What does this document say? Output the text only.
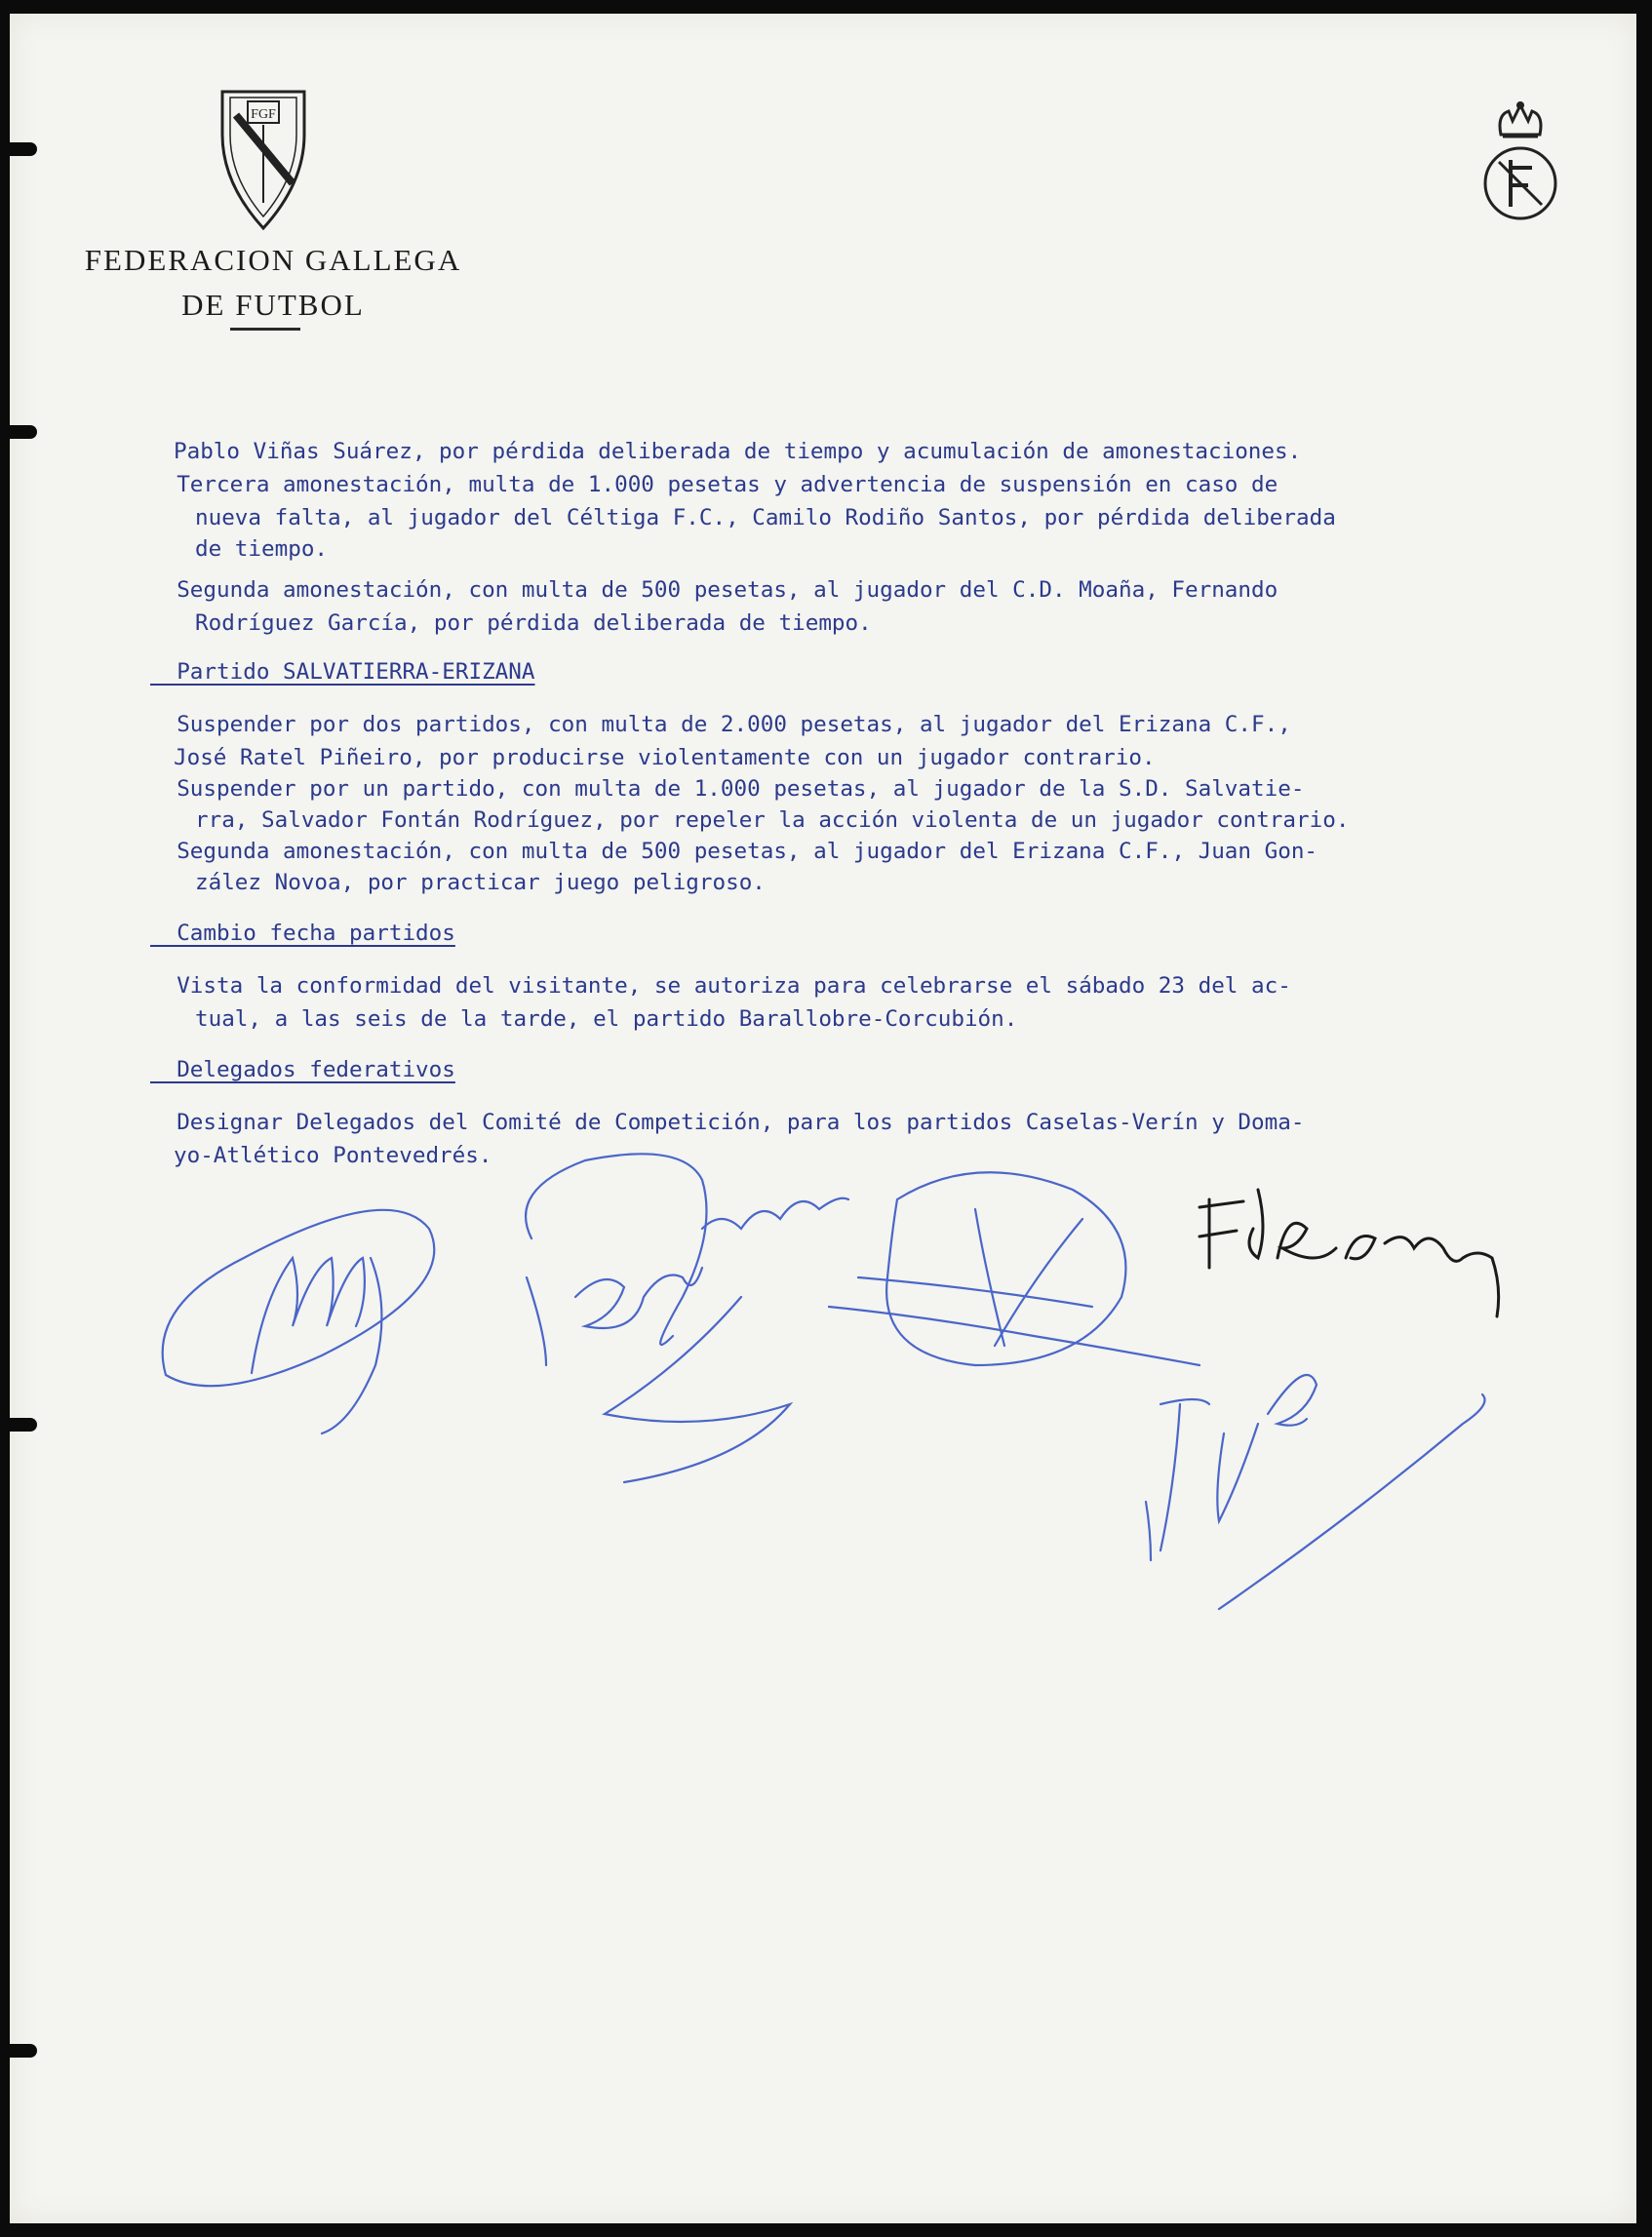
FGF
FEDERACION GALLEGA
DE FUTBOL

Pablo Viñas Suárez, por pérdida deliberada de tiempo y acumulación de amonestaciones.

Tercera amonestación, multa de 1.000 pesetas y advertencia de suspensión en caso de

nueva falta, al jugador del Céltiga F.C., Camilo Rodiño Santos, por pérdida deliberada

de tiempo.

Segunda amonestación, con multa de 500 pesetas, al jugador del C.D. Moaña, Fernando

Rodríguez García, por pérdida deliberada de tiempo.

Partido SALVATIERRA-ERIZANA

Suspender por dos partidos, con multa de 2.000 pesetas, al jugador del Erizana C.F.,

José Ratel Piñeiro, por producirse violentamente con un jugador contrario.

Suspender por un partido, con multa de 1.000 pesetas, al jugador de la S.D. Salvatie-

rra, Salvador Fontán Rodríguez, por repeler la acción violenta de un jugador contrario.

Segunda amonestación, con multa de 500 pesetas, al jugador del Erizana C.F., Juan Gon-

zález Novoa, por practicar juego peligroso.

Cambio fecha partidos

Vista la conformidad del visitante, se autoriza para celebrarse el sábado 23 del ac-

tual, a las seis de la tarde, el partido Barallobre-Corcubión.

Delegados federativos

Designar Delegados del Comité de Competición, para los partidos Caselas-Verín y Doma-

yo-Atlético Pontevedrés.
